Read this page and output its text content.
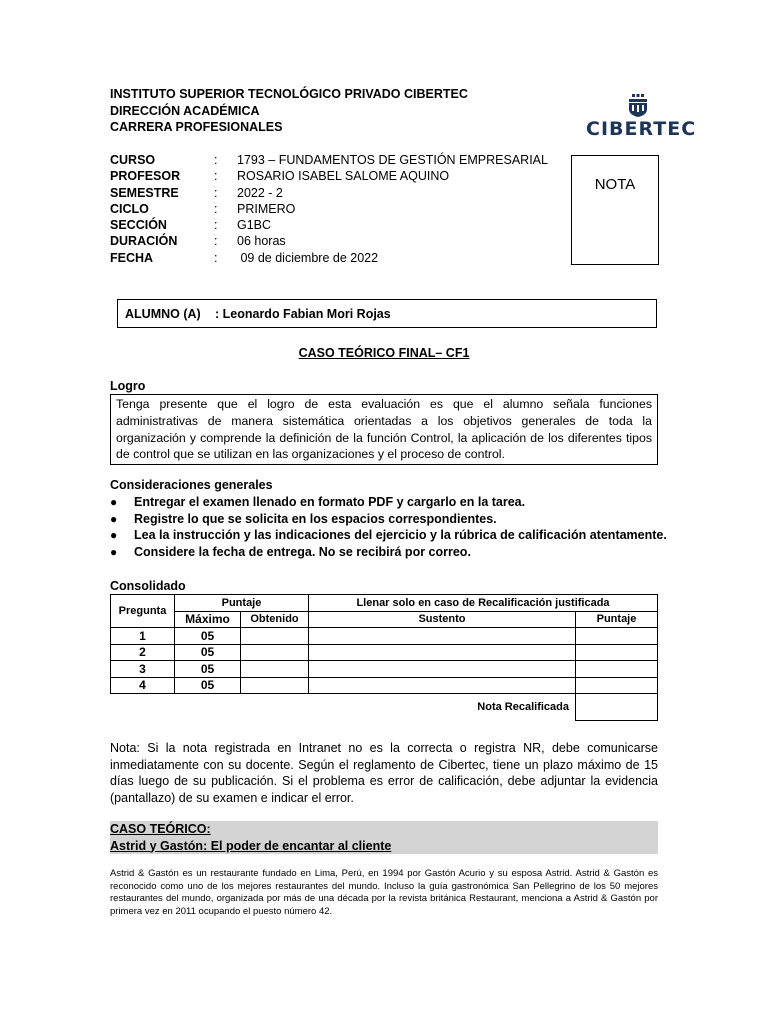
INSTITUTO SUPERIOR TECNOLÓGICO PRIVADO CIBERTEC
DIRECCIÓN ACADÉMICA
CARRERA PROFESIONALES	CIBERTEC
CURSO	:	1793 – FUNDAMENTOS DE GESTIÓN EMPRESARIAL
PROFESOR	:	ROSARIO ISABEL SALOME AQUINO
SEMESTRE	:	2022 - 2
CICLO	:	PRIMERO
SECCIÓN	:	G1BC
DURACIÓN	:	06 horas
FECHA	:	09 de diciembre de 2022
NOTA
ALUMNO (A)	: Leonardo Fabian Mori Rojas
CASO TEÓRICO FINAL– CF1
Logro
Tenga presente que el logro de esta evaluación es que el alumno señala funciones administrativas de manera sistemática orientadas a los objetivos generales de toda la organización y comprende la definición de la función Control, la aplicación de los diferentes tipos de control que se utilizan en las organizaciones y el proceso de control.
Consideraciones generales
●	Entregar el examen llenado en formato PDF y cargarlo en la tarea.
●	Registre lo que se solicita en los espacios correspondientes.
●	Lea la instrucción y las indicaciones del ejercicio y la rúbrica de calificación atentamente.
●	Considere la fecha de entrega. No se recibirá por correo.
Consolidado
Pregunta	Puntaje		Llenar solo en caso de Recalificación justificada	
	Máximo	Obtenido	Sustento	Puntaje
1	05			
2	05			
3	05			
4	05			
Nota Recalificada				
Nota: Si la nota registrada en Intranet no es la correcta o registra NR, debe comunicarse inmediatamente con su docente. Según el reglamento de Cibertec, tiene un plazo máximo de 15 días luego de su publicación. Si el problema es error de calificación, debe adjuntar la evidencia (pantallazo) de su examen e indicar el error.
CASO TEÓRICO:
Astrid y Gastón: El poder de encantar al cliente
Astrid & Gastón es un restaurante fundado en Lima, Perú, en 1994 por Gastón Acurio y su esposa Astrid. Astrid & Gastón es reconocido como uno de los mejores restaurantes del mundo. Incluso la guía gastronómica San Pellegrino de los 50 mejores restaurantes del mundo, organizada por más de una década por la revista británica Restaurant, menciona a Astrid & Gastón por primera vez en 2011 ocupando el puesto número 42.
